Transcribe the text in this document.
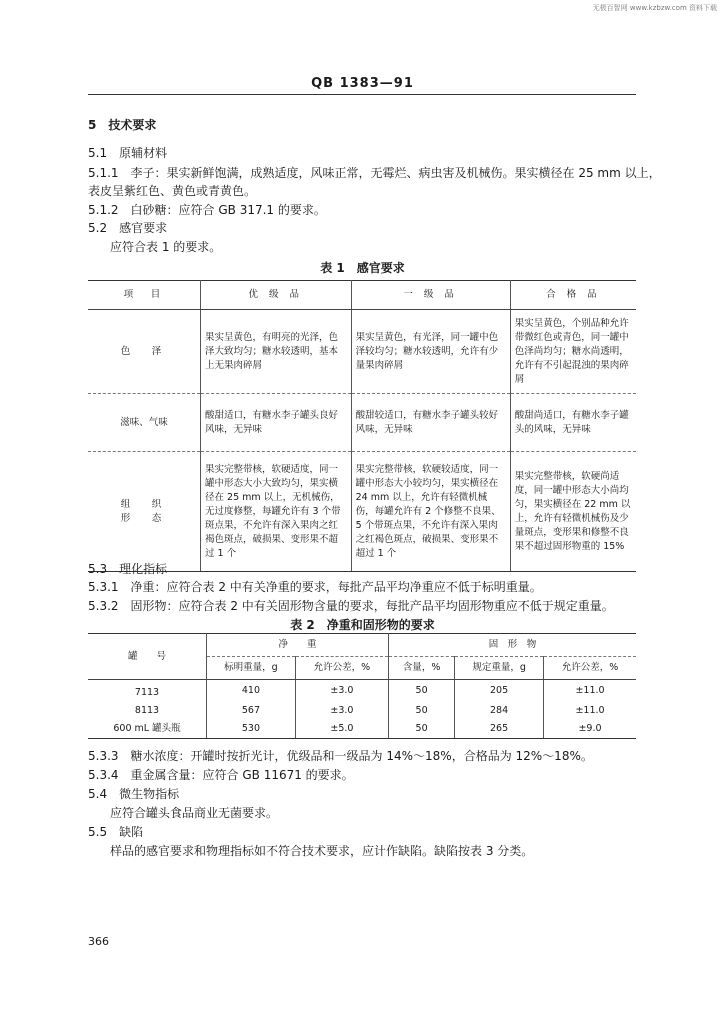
无极百智网 www.kzbzw.com 资料下载
QB 1383—91
5　技术要求
5.1　原辅材料
5.1.1　李子：果实新鲜饱满，成熟适度，风味正常，无霉烂、病虫害及机械伤。果实横径在 25 mm 以上，
表皮呈紫红色、黄色或青黄色。
5.1.2　白砂糖：应符合 GB 317.1 的要求。
5.2　感官要求
应符合表 1 的要求。
表 1　感官要求
项　目	优 级 品	一 级 品	合 格 品
色　泽	果实呈黄色，有明亮的光泽，色泽大致均匀；糖水较透明，基本上无果肉碎屑	果实呈黄色，有光泽，同一罐中色泽较均匀；糖水较透明，允许有少量果肉碎屑	果实呈黄色，个别品种允许带微红色或青色，同一罐中色泽尚均匀；糖水尚透明，允许有不引起混浊的果肉碎屑
滋味、气味	酸甜适口，有糖水李子罐头良好风味，无异味	酸甜较适口，有糖水李子罐头较好风味，无异味	酸甜尚适口，有糖水李子罐头的风味，无异味
组　织　形　态	果实完整带核，软硬适度，同一罐中形态大小大致均匀，果实横径在 25 mm 以上，无机械伤，无过度修整，每罐允许有 3 个带斑点果，不允许有深入果肉之红褐色斑点，破损果、变形果不超过 1 个	果实完整带核，软硬较适度，同一罐中形态大小较均匀，果实横径在 24 mm 以上，允许有轻微机械伤，每罐允许有 2 个修整不良果、5 个带斑点果，不允许有深入果肉之红褐色斑点，破损果、变形果不超过 1 个	果实完整带核，软硬尚适度，同一罐中形态大小尚均匀，果实横径在 22 mm 以上，允许有轻微机械伤及少量斑点，变形果和修整不良果不超过固形物重的 15%
5.3　理化指标
5.3.1　净重：应符合表 2 中有关净重的要求，每批产品平均净重应不低于标明重量。
5.3.2　固形物：应符合表 2 中有关固形物含量的要求，每批产品平均固形物重应不低于规定重量。
表 2　净重和固形物的要求
罐　　号	净　　重		固　形　物		
	标明重量，g	允许公差，%	含量，%	规定重量，g	允许公差，%
7113	410	±3.0	50	205	±11.0
8113	567	±3.0	50	284	±11.0
600 mL 罐头瓶	530	±5.0	50	265	±9.0
5.3.3　糖水浓度：开罐时按折光计，优级品和一级品为 14%～18%，合格品为 12%～18%。
5.3.4　重金属含量：应符合 GB 11671 的要求。
5.4　微生物指标
应符合罐头食品商业无菌要求。
5.5　缺陷
样品的感官要求和物理指标如不符合技术要求，应计作缺陷。缺陷按表 3 分类。
366
